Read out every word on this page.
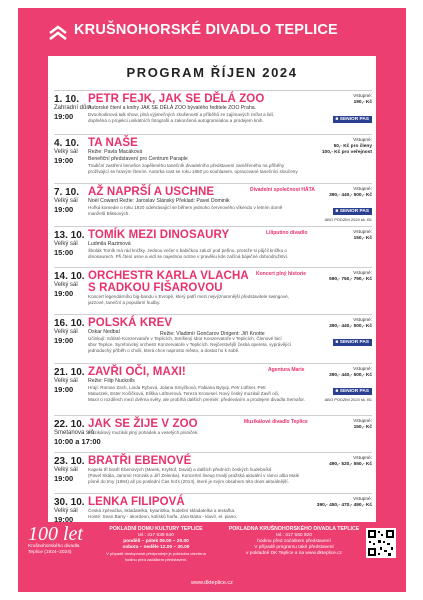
KRUŠNOHORSKÉ DIVADLO TEPLICE
PROGRAM ŘÍJEN 2024
1. 10.
Zahradní dům
19:00
PETR FEJK, JAK SE DĚLÁ ZOO
Autorské čtení a knihy JAK SE DĚLÁ ZOO bývalého ředitele ZOO Praha.
Dvouhodinová talk show, plná výjimečných zkušeností a příběhů ze zajímavých zvířat a lidí,
doplněná o projekci unikátních fotografií a zakončená autogramiádou a prodejem knih.
Vstupné:
190,- Kč
■ SENIOR PAS
4. 10.
Velký sál
19:00
TA NAŠE
Režie: Pavla Macáková
Benefiční představení pro Centrum Paraple
Tradiční zastření benefice zapěleného tanečník divadelního představení zaměřeného na příběhy
prožívající se hravým čtením. Autorka cast se roku 1850 po souhlasem, opracované tanečníci sloučeny
Vstupné:
50,- Kč pro členy
100,- Kč pro veřejnost
7. 10.
Velký sál
19:00
AŽ NAPRŠÍ A USCHNE
Noël Coward Režie: Jaroslav Slánský Překlad: Pavel Dominik
Hořká komedie o roku 1920 odehrávající se během jednoho červnového víkendu v letním domě
manželů Blissových.
Divadelní společnost HÁTA	Vstupné:
390,- 440,- 500,- Kč
■ SENIOR PAS
ABO PODZIM 2024 sk. B1
13. 10.
Velký sál
15:00
TOMÍK MEZI DINOSAURY
Ludmila Razimová
Školák Tomík má rád knížky. Jednou večer s babičkou zaluzí pod peřinu, protože si půjčil knížku o
dinosaurech. Při čtení usne a vidí se najednou ocitne v pravěku kde začíná báječné dobrodružství.
Liliputino divadlo	Vstupné:
150,- Kč
14. 10.
Velký sál
19:00
ORCHESTR KARLA VLACHA S RADKOU FIŠAROVOU
Koncert legendárního big-bandu v Evropě, který patří mezi nejvýznamnější představitele swingové,
jazzové, taneční a populární hudby.
Koncert plný historie	Vstupné:
590,- 750,- 790,- Kč
16. 10.
Velký sál
19:00
POLSKÁ KREV
Oskar Nedbal
Účinkují: Sólisté Konzervatoře v Teplicích, Smíšený sbor Konzervatoře v Teplicích, Členové bicí
sbor Teplice. Symfonický orchestr Konzervatoře v Teplicích. Nejčerstvější česká opereta, vyprávějící
jednoduchý příběh o chvíli, která chce naprosto město, a dostat ho k sobě.
Režie: Vladimír Gončarov Dirigent: Jiří Knotte
Vstupné:
390,- 440,- 500,- Kč
■ SENIOR PAS
21. 10.
Velký sál
19:00
ZAVŘI OČI, MAXI!
Režie: Filip Nuckolls
Hrají: Roman Zach, Linda Rybová, Jolana Smyčková, Fabiana Bytyqi, Petr Lüftner, Petr
Matuszek, Ester Kočičková, Eliška Lüftnerová, Tereza Kronesel. Nový český muzikál Zavři oči,
Maxi! o rozdílech mezi dvěma světy, ale probíhá dalších premiér, předeváním a prodejem divadla Semafor.
Agentura Marie	Vstupné:
390,- 440,- 500,- Kč
■ SENIOR PAS
ABO PODZIM 2024 sk. B1
22. 10.
Smetanova síň
10:00 a 17:00
JAK SE ŽIJE V ZOO
Muzikálový muzikál plný pohádek a veselých písniček.
Muzikálové divadlo Teplice	Vstupné:
150,- Kč
23. 10.
Velký sál
19:00
BRATŘI EBENOVÉ
Kapela tří bratří Ebenových (Marek, Kryštof, David) a dalších předních českých hudebníků
(Pavel Skála, Jaromír Honzák a Jiří Zelenka). Koncertní lineup trvalý pražská aktuální v rámci alba Malé
písně do tmy (1984) až po poslední Čas hoťs (2014), které je svým obsahem této dnes aktuálnější.
Vstupné:
490,- 520,- 550,- Kč
30. 10.
Velký sál
19:00
LENKA FILIPOVÁ
Česká zpěvačka, skladatelka, kytaristka, hudební skladatelka a textařka.
Hosté: Sean Barry - akordeon, kolísků harfa, Jára Bárta - klavír, el. piano.
Vstupné:
390,- 450,- 470,- 490,- Kč
100 let
Krušnohorského divadla
Teplice (1924–2024)
POKLADNÍ DOMU KULTURY TEPLICE
tel.: 417 539 540
pondělí – pátek 09.00 – 20.00
sobota – neděle 12.00 – 20.00
V případě dostupnosti předprodeje je pokladna otevřena
hodinu před začátkem představení.
POKLADNA KRUŠNOHORSKÉHO DIVADLA TEPLICE
tel.: 417 560 920
hodinu před začátkem představení
V případě programu také představení
v pokladně DK Teplice a na www.dkteplice.cz
www.dkteplice.cz
